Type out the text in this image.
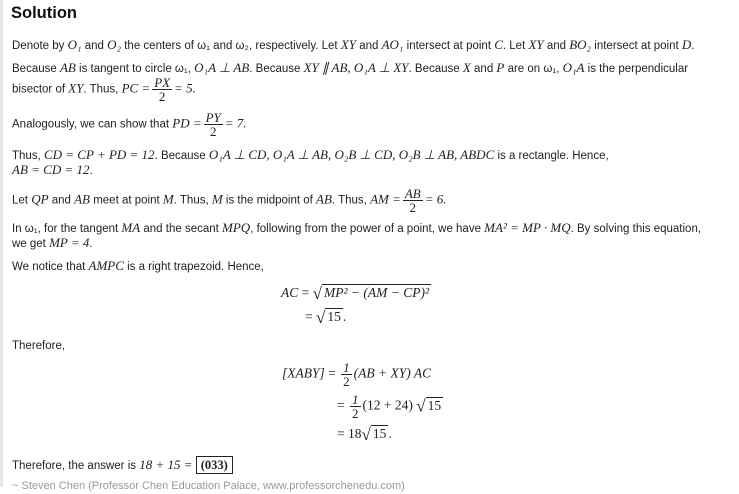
Solution
Denote by O₁ and O₂ the centers of ω₁ and ω₂, respectively. Let XY and AO₁ intersect at point C. Let XY and BO₂ intersect at point D.
Because AB is tangent to circle ω₁, O₁A ⊥ AB. Because XY ∥ AB, O₁A ⊥ XY. Because X and P are on ω₁, O₁A is the perpendicular
bisector of XY. Thus, PC = $\frac{PX}{2} = 5$.
Analogously, we can show that PD = $\frac{PY}{2} = 7$.
Thus, CD = CP + PD = 12. Because O₁A ⊥ CD, O₁A ⊥ AB, O₂B ⊥ CD, O₂B ⊥ AB, ABDC is a rectangle. Hence,
AB = CD = 12.
Let QP and AB meet at point M. Thus, M is the midpoint of AB. Thus, AM = $\frac{AB}{2} = 6$.
In ω₁, for the tangent MA and the secant MPQ, following from the power of a point, we have MA² = MP · MQ. By solving this equation,
we get MP = 4.
We notice that AMPC is a right trapezoid. Hence,
AC = √ MP² − (AM − CP)²
= √ 15 .
Therefore,
[XABY] = $\frac{1}{2} (AB + XY)$ AC
= $\frac{1}{2} (12 + 24)$ √ 15
= 18√ 15 .
Therefore, the answer is 18 + 15 = (033)
~ Steven Chen (Professor Chen Education Palace, www.professorchenedu.com)
